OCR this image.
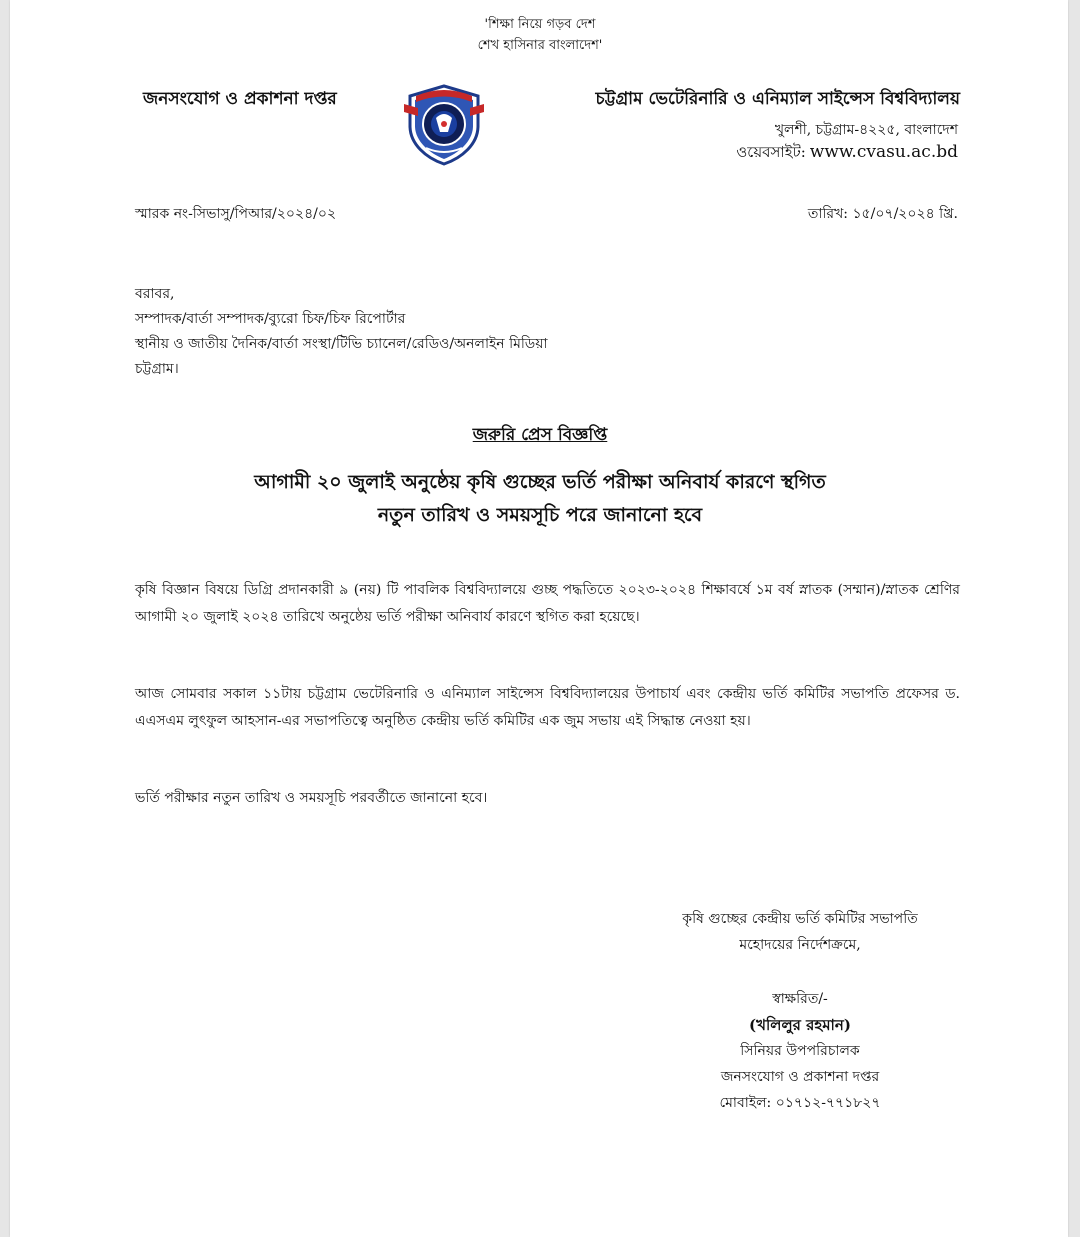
'শিক্ষা নিয়ে গড়ব দেশ
শেখ হাসিনার বাংলাদেশ'
জনসংযোগ ও প্রকাশনা দপ্তর	চট্টগ্রাম ভেটেরিনারি ও এনিম্যাল সাইন্সেস বিশ্ববিদ্যালয়
খুলশী, চট্টগ্রাম-৪২২৫, বাংলাদেশ
ওয়েবসাইট: www.cvasu.ac.bd
স্মারক নং-সিভাসু/পিআর/২০২৪/০২	তারিখ: ১৫/০৭/২০২৪ খ্রি.
বরাবর,
সম্পাদক/বার্তা সম্পাদক/ব্যুরো চিফ/চিফ রিপোর্টার
স্থানীয় ও জাতীয় দৈনিক/বার্তা সংস্থা/টিভি চ্যানেল/রেডিও/অনলাইন মিডিয়া
চট্টগ্রাম।
জরুরি প্রেস বিজ্ঞপ্তি
আগামী ২০ জুলাই অনুষ্ঠেয় কৃষি গুচ্ছের ভর্তি পরীক্ষা অনিবার্য কারণে স্থগিত
নতুন তারিখ ও সময়সূচি পরে জানানো হবে

কৃষি বিজ্ঞান বিষয়ে ডিগ্রি প্রদানকারী ৯ (নয়) টি পাবলিক বিশ্ববিদ্যালয়ে গুচ্ছ পদ্ধতিতে ২০২৩-২০২৪ শিক্ষাবর্ষে ১ম বর্ষ স্নাতক (সম্মান)/স্নাতক শ্রেণির আগামী ২০ জুলাই ২০২৪ তারিখে অনুষ্ঠেয় ভর্তি পরীক্ষা অনিবার্য কারণে স্থগিত করা হয়েছে।

আজ সোমবার সকাল ১১টায় চট্টগ্রাম ভেটেরিনারি ও এনিম্যাল সাইন্সেস বিশ্ববিদ্যালয়ের উপাচার্য এবং কেন্দ্রীয় ভর্তি কমিটির সভাপতি প্রফেসর ড. এএসএম লুৎফুল আহসান-এর সভাপতিত্বে অনুষ্ঠিত কেন্দ্রীয় ভর্তি কমিটির এক জুম সভায় এই সিদ্ধান্ত নেওয়া হয়।

ভর্তি পরীক্ষার নতুন তারিখ ও সময়সূচি পরবর্তীতে জানানো হবে।

কৃষি গুচ্ছের কেন্দ্রীয় ভর্তি কমিটির সভাপতি
মহোদয়ের নির্দেশক্রমে,
স্বাক্ষরিত/-
(খলিলুর রহমান)
সিনিয়র উপপরিচালক
জনসংযোগ ও প্রকাশনা দপ্তর
মোবাইল: ০১৭১২-৭৭১৮২৭
